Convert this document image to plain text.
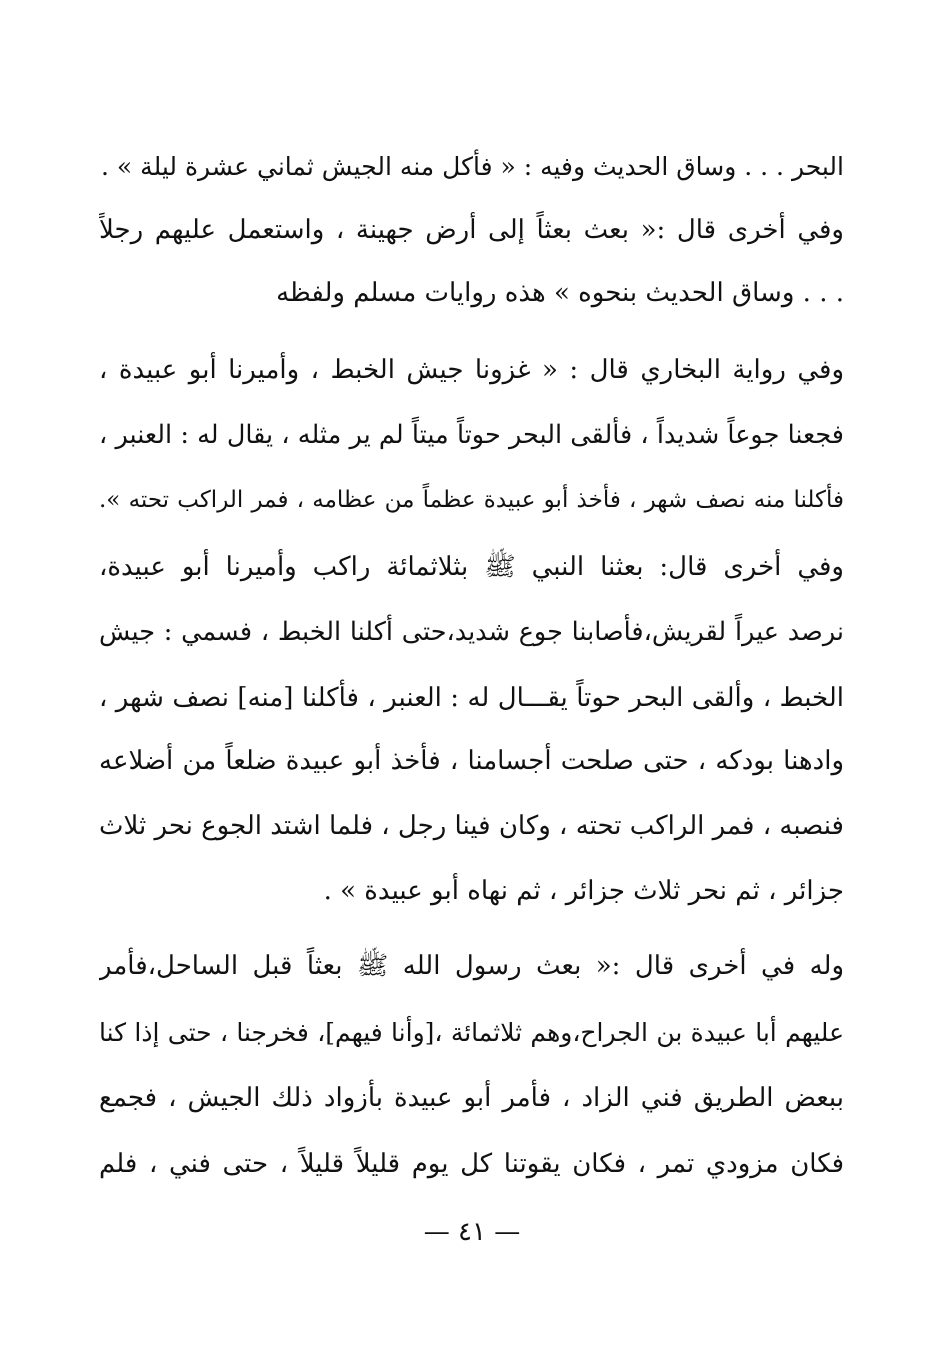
البحر . . . وساق الحديث وفيه : « فأكل منه الجيش ثماني عشرة ليلة » .
وفي أخرى قال :« بعث بعثاً إلى أرض جهينة ، واستعمل عليهم رجلاً
. . . وساق الحديث بنحوه » هذه روايات مسلم ولفظه
وفي رواية البخاري قال : « غزونا جيش الخبط ، وأميرنا أبو عبيدة ،
فجعنا جوعاً شديداً ، فألقى البحر حوتاً ميتاً لم ير مثله ، يقال له : العنبر ،
فأكلنا منه نصف شهر ، فأخذ أبو عبيدة عظماً من عظامه ، فمر الراكب تحته ».
وفي أخرى قال: بعثنا النبي ﷺ بثلاثمائة راكب وأميرنا أبو عبيدة،
نرصد عيراً لقريش،فأصابنا جوع شديد،حتى أكلنا الخبط ، فسمي : جيش
الخبط ، وألقى البحر حوتاً يقـــال له : العنبر ، فأكلنا [منه] نصف شهر ،
وادهنا بودكه ، حتى صلحت أجسامنا ، فأخذ أبو عبيدة ضلعاً من أضلاعه
فنصبه ، فمر الراكب تحته ، وكان فينا رجل ، فلما اشتد الجوع نحر ثلاث
جزائر ، ثم نحر ثلاث جزائر ، ثم نهاه أبو عبيدة » .
وله في أخرى قال :« بعث رسول الله ﷺ بعثاً قبل الساحل،فأمر
عليهم أبا عبيدة بن الجراح،وهم ثلاثمائة ،[وأنا فيهم]، فخرجنا ، حتى إذا كنا
ببعض الطريق فني الزاد ، فأمر أبو عبيدة بأزواد ذلك الجيش ، فجمع
فكان مزودي تمر ، فكان يقوتنا كل يوم قليلاً قليلاً ، حتى فني ، فلم
— ٤١ —
